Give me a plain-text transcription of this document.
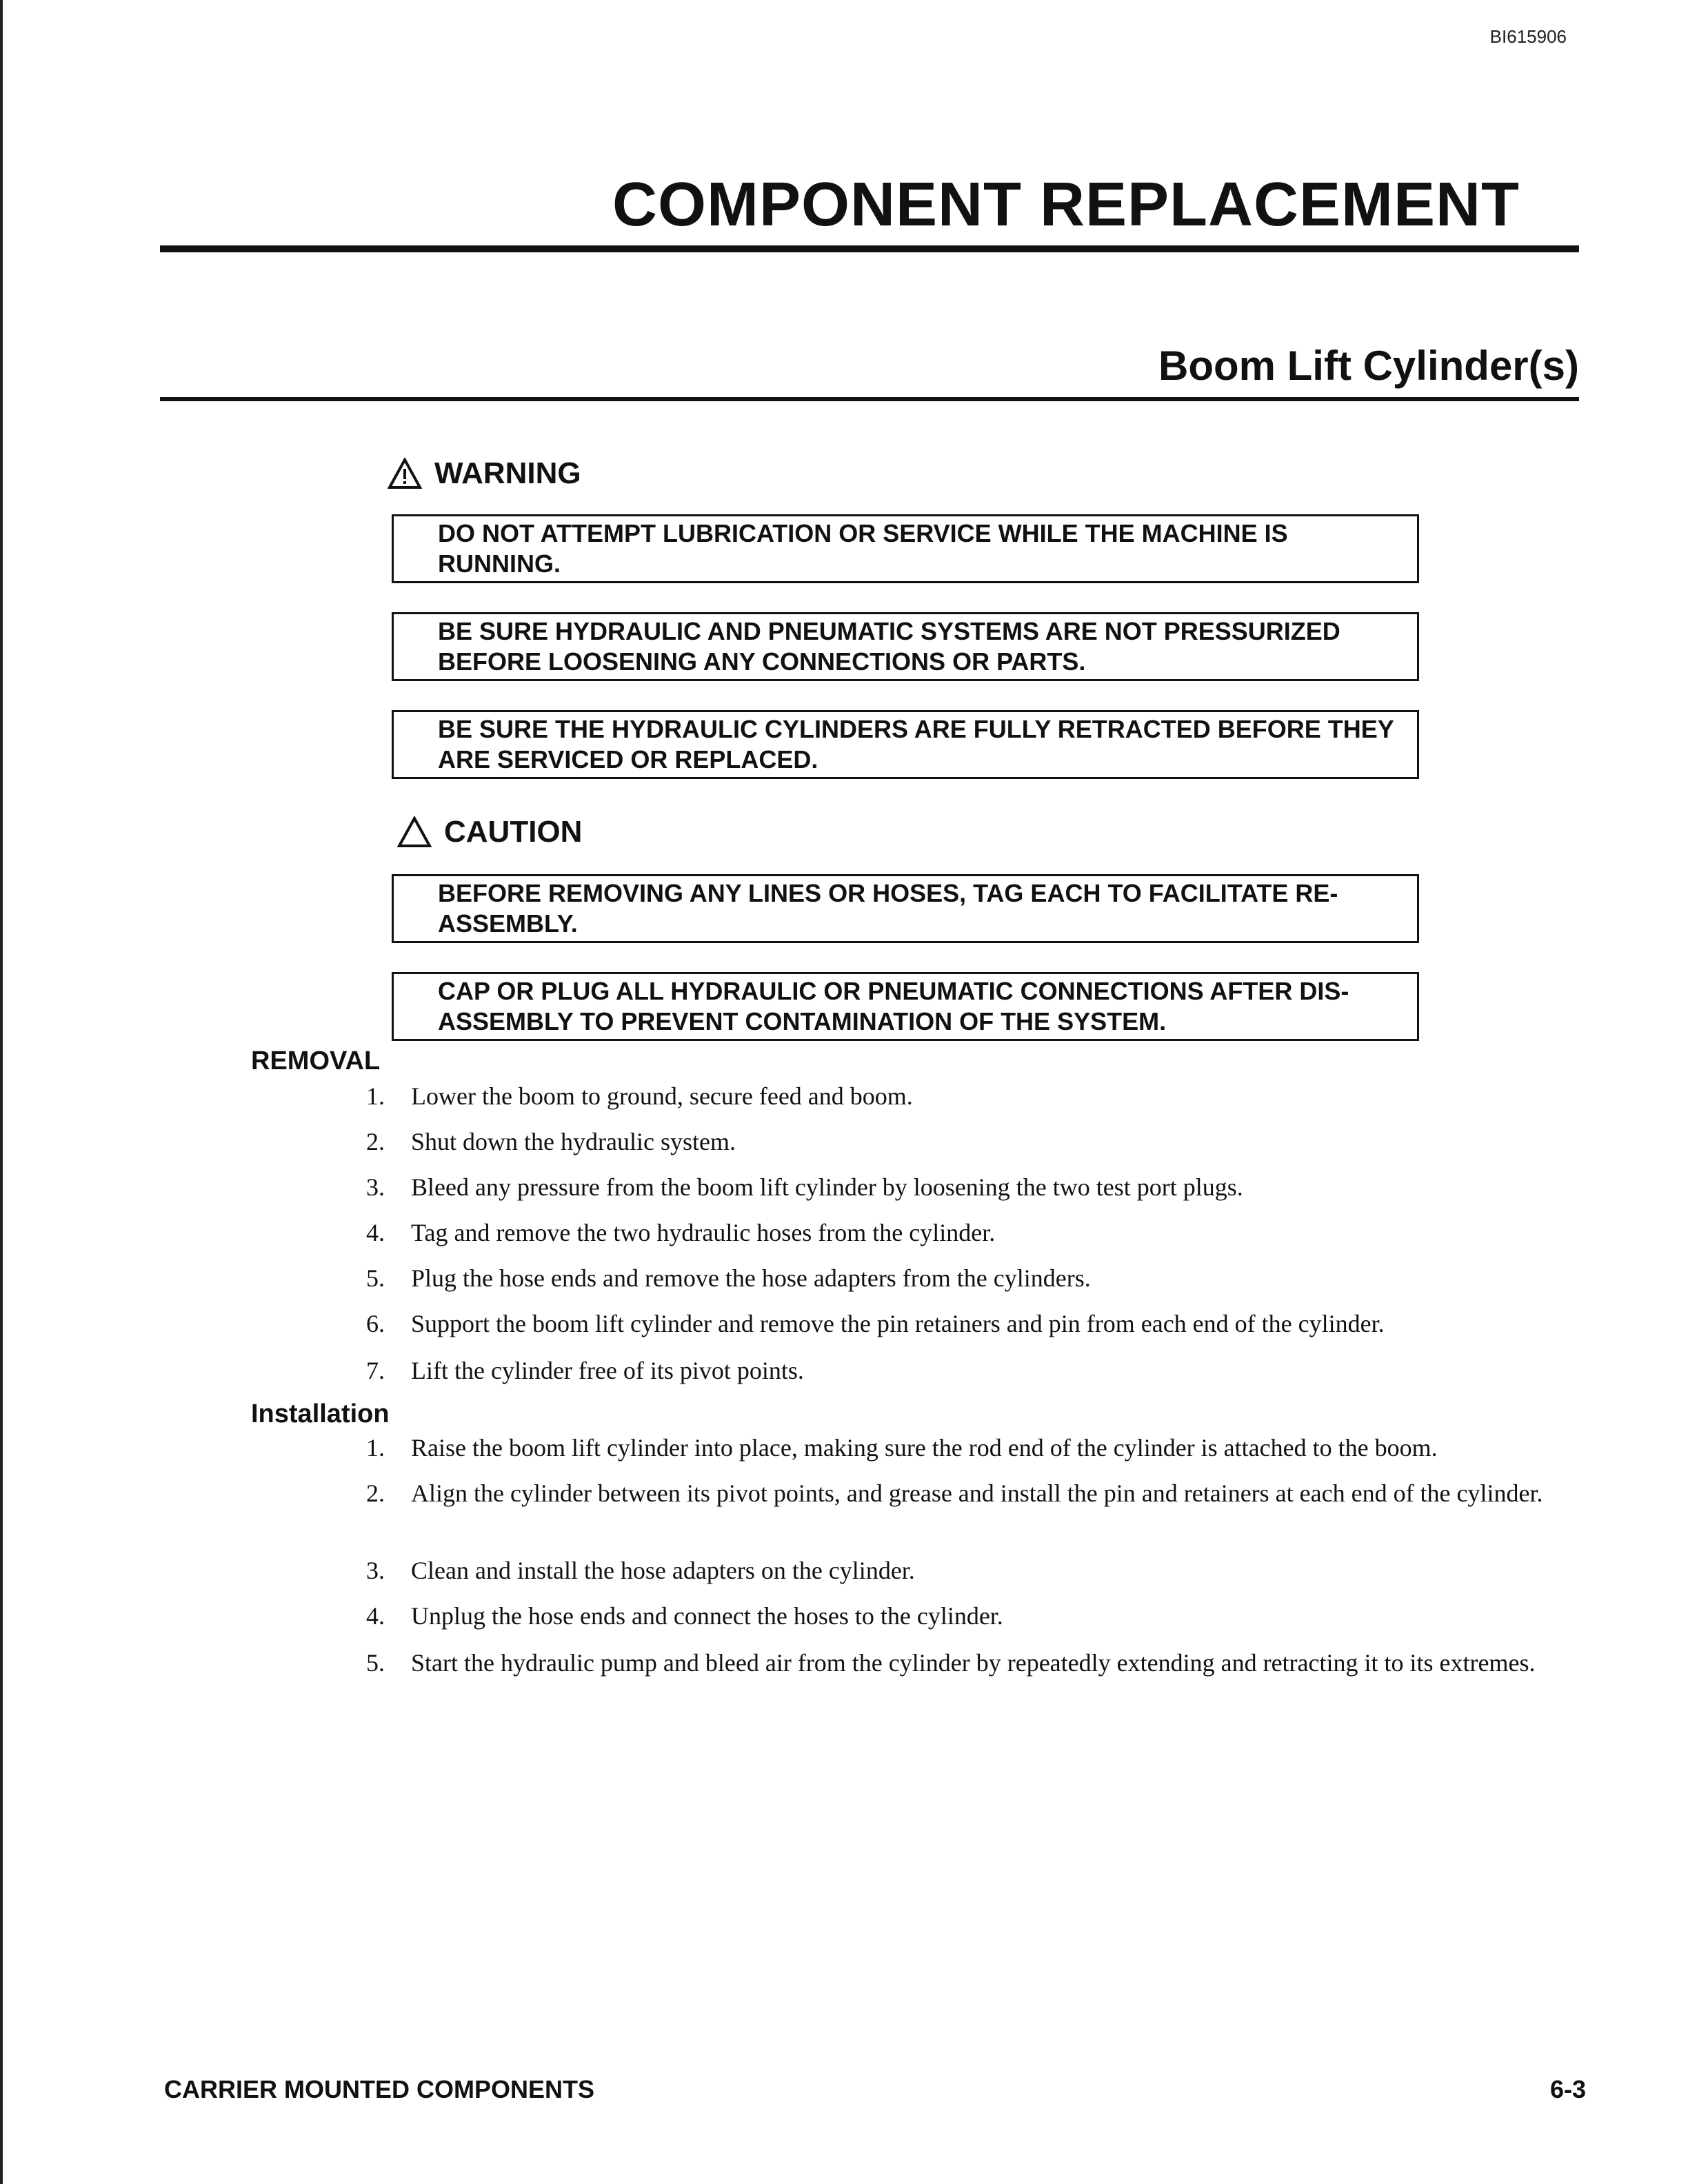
BI615906
COMPONENT REPLACEMENT
Boom Lift Cylinder(s)
WARNING
DO NOT ATTEMPT LUBRICATION OR SERVICE WHILE THE MACHINE IS RUNNING.
BE SURE HYDRAULIC AND PNEUMATIC SYSTEMS ARE NOT PRESSURIZED BEFORE LOOSENING ANY CONNECTIONS OR PARTS.
BE SURE THE HYDRAULIC CYLINDERS ARE FULLY RETRACTED BEFORE THEY ARE SERVICED OR REPLACED.
CAUTION
BEFORE REMOVING ANY LINES OR HOSES, TAG EACH TO FACILITATE RE-ASSEMBLY.
CAP OR PLUG ALL HYDRAULIC OR PNEUMATIC CONNECTIONS AFTER DIS-ASSEMBLY TO PREVENT CONTAMINATION OF THE SYSTEM.
REMOVAL
1. Lower the boom to ground, secure feed and boom.
2. Shut down the hydraulic system.
3. Bleed any pressure from the boom lift cylinder by loosening the two test port plugs.
4. Tag and remove the two hydraulic hoses from the cylinder.
5. Plug the hose ends and remove the hose adapters from the cylinders.
6. Support the boom lift cylinder and remove the pin retainers and pin from each end of the cylinder.
7. Lift the cylinder free of its pivot points.
Installation
1. Raise the boom lift cylinder into place, making sure the rod end of the cylinder is attached to the boom.
2. Align the cylinder between its pivot points, and grease and install the pin and retainers at each end of the cylinder.
3. Clean and install the hose adapters on the cylinder.
4. Unplug the hose ends and connect the hoses to the cylinder.
5. Start the hydraulic pump and bleed air from the cylinder by repeatedly extending and retracting it to its extremes.
CARRIER MOUNTED COMPONENTS	6-3
